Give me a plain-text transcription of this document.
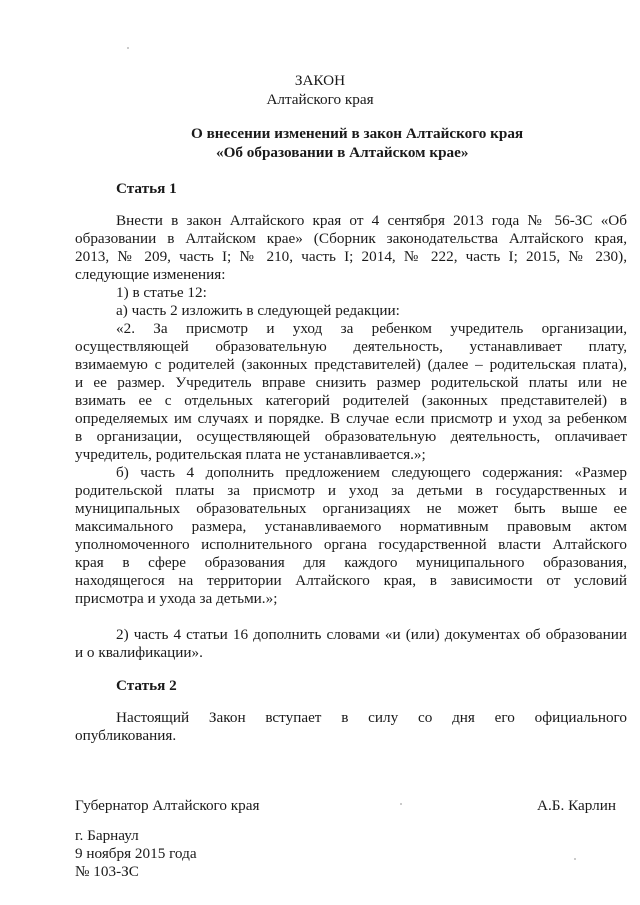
ЗАКОН
Алтайского края
О внесении изменений в закон Алтайского края
«Об образовании в Алтайском крае»
Статья 1
Внести в закон Алтайского края от 4 сентября 2013 года № 56-ЗС «Об
образовании в Алтайском крае» (Сборник законодательства Алтайского края,
2013, № 209, часть I; № 210, часть I; 2014, № 222, часть I; 2015, № 230),
следующие изменения:
1) в статье 12:
а) часть 2 изложить в следующей редакции:
«2. За присмотр и уход за ребенком учредитель организации,
осуществляющей образовательную деятельность, устанавливает плату,
взимаемую с родителей (законных представителей) (далее – родительская плата),
и ее размер. Учредитель вправе снизить размер родительской платы или не
взимать ее с отдельных категорий родителей (законных представителей) в
определяемых им случаях и порядке. В случае если присмотр и уход за ребенком
в организации, осуществляющей образовательную деятельность, оплачивает
учредитель, родительская плата не устанавливается.»;
б) часть 4 дополнить предложением следующего содержания: «Размер
родительской платы за присмотр и уход за детьми в государственных и
муниципальных образовательных организациях не может быть выше ее
максимального размера, устанавливаемого нормативным правовым актом
уполномоченного исполнительного органа государственной власти Алтайского
края в сфере образования для каждого муниципального образования,
находящегося на территории Алтайского края, в зависимости от условий
присмотра и ухода за детьми.»;
2) часть 4 статьи 16 дополнить словами «и (или) документах об образовании
и о квалификации».
Статья 2
Настоящий Закон вступает в силу со дня его официального
опубликования.
Губернатор Алтайского края	А.Б. Карлин
г. Барнаул
9 ноября 2015 года
№ 103-ЗС
